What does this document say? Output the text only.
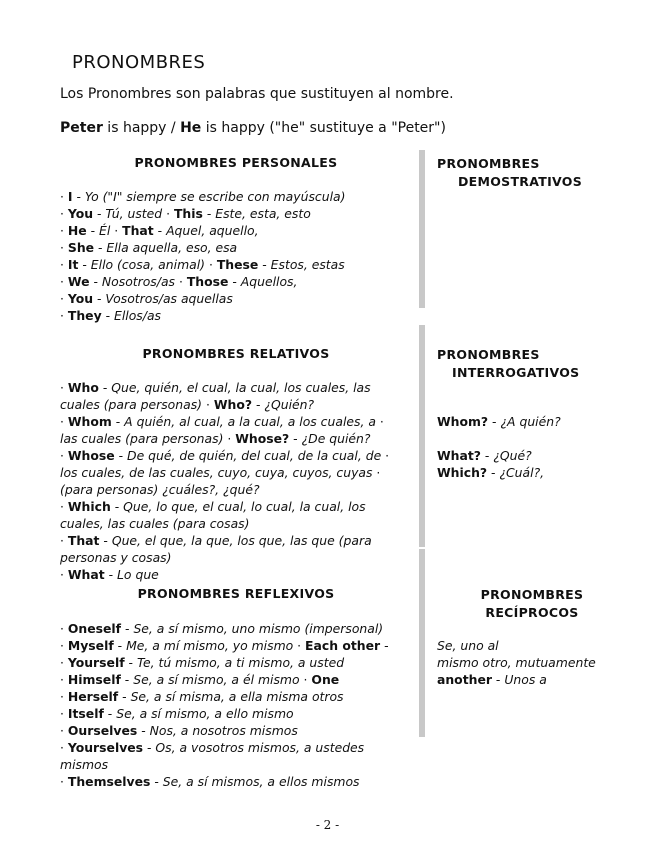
PRONOMBRES
Los Pronombres son palabras que sustituyen al nombre.
Peter is happy / He is happy ("he" sustituye a "Peter")
PRONOMBRES PERSONALES	PRONOMBRES
DEMOSTRATIVOS
· I - Yo ("I" siempre se escribe con mayúscula)
· You - Tú, usted · This - Este, esta, esto
· He - Él · That - Aquel, aquello,
· She - Ella aquella, eso, esa
· It - Ello (cosa, animal) · These - Estos, estas
· We - Nosotros/as · Those - Aquellos,
· You - Vosotros/as aquellas
· They - Ellos/as
PRONOMBRES RELATIVOS	PRONOMBRES
INTERROGATIVOS
· Who - Que, quién, el cual, la cual, los cuales, las
cuales (para personas) · Who? - ¿Quién?
· Whom - A quién, al cual, a la cual, a los cuales, a ·
las cuales (para personas) · Whose? - ¿De quién?
· Whose - De qué, de quién, del cual, de la cual, de ·
los cuales, de las cuales, cuyo, cuya, cuyos, cuyas ·
(para personas) ¿cuáles?, ¿qué?
· Which - Que, lo que, el cual, lo cual, la cual, los
cuales, las cuales (para cosas)
· That - Que, el que, la que, los que, las que (para
personas y cosas)
· What - Lo que
Whom? - ¿A quién?

What? - ¿Qué?
Which? - ¿Cuál?,
PRONOMBRES REFLEXIVOS	PRONOMBRES
RECÍPROCOS
· Oneself - Se, a sí mismo, uno mismo (impersonal)
· Myself - Me, a mí mismo, yo mismo · Each other -
· Yourself - Te, tú mismo, a ti mismo, a usted
· Himself - Se, a sí mismo, a él mismo · One
· Herself - Se, a sí misma, a ella misma otros
· Itself - Se, a sí mismo, a ello mismo
· Ourselves - Nos, a nosotros mismos
· Yourselves - Os, a vosotros mismos, a ustedes
mismos
· Themselves - Se, a sí mismos, a ellos mismos
Se, uno al
mismo otro, mutuamente
another - Unos a
- 2 -
